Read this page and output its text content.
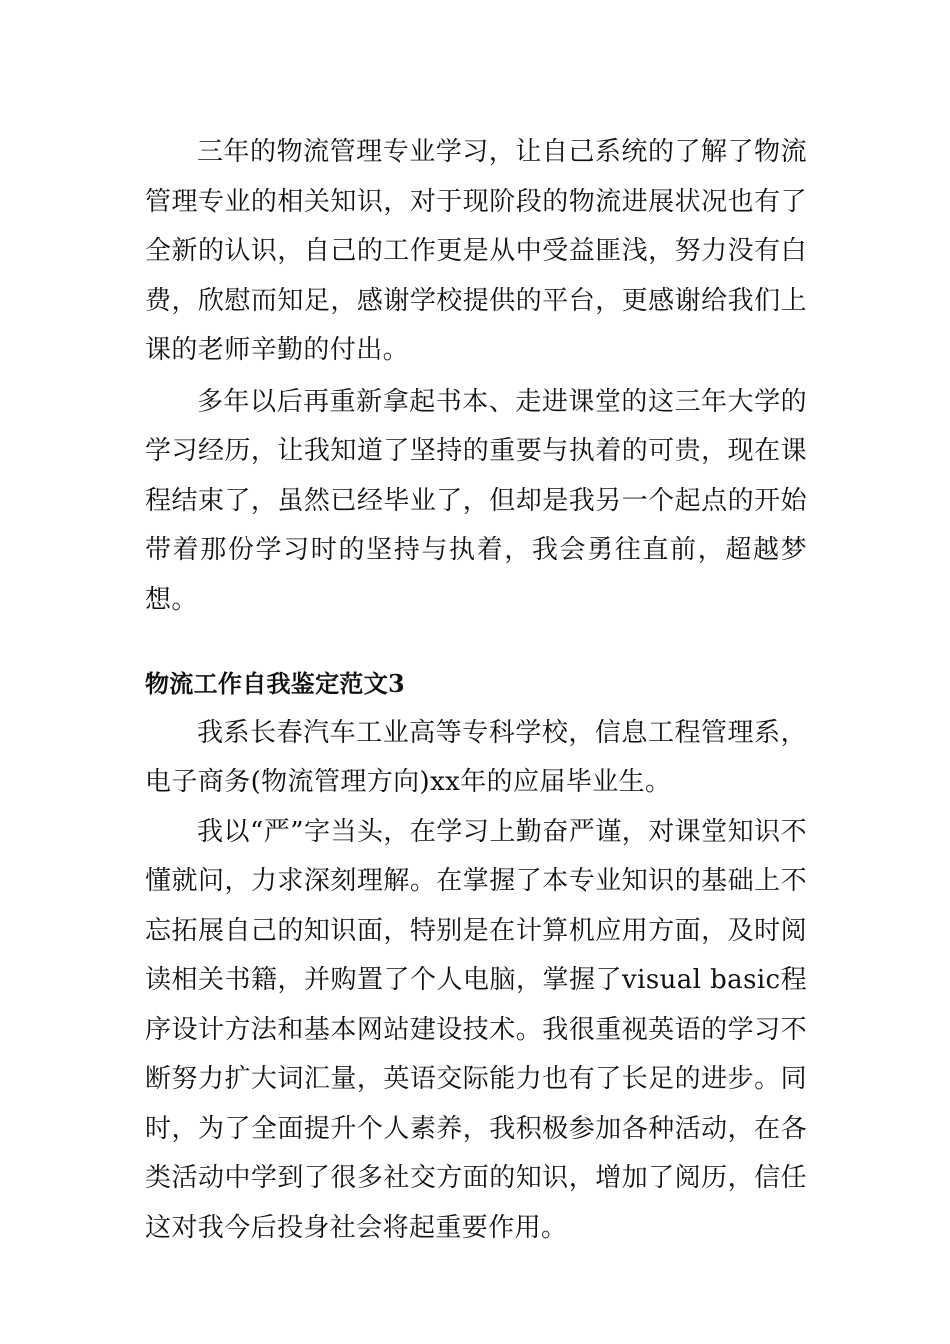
三年的物流管理专业学习，让自己系统的了解了物流管理专业的相关知识，对于现阶段的物流进展状况也有了全新的认识，自己的工作更是从中受益匪浅，努力没有白费，欣慰而知足，感谢学校提供的平台，更感谢给我们上课的老师辛勤的付出。

多年以后再重新拿起书本、走进课堂的这三年大学的学习经历，让我知道了坚持的重要与执着的可贵，现在课程结束了，虽然已经毕业了，但却是我另一个起点的开始带着那份学习时的坚持与执着，我会勇往直前，超越梦想。

物流工作自我鉴定范文3

我系长春汽车工业高等专科学校，信息工程管理系，电子商务(物流管理方向)xx年的应届毕业生。

我以“严”字当头，在学习上勤奋严谨，对课堂知识不懂就问，力求深刻理解。在掌握了本专业知识的基础上不忘拓展自己的知识面，特别是在计算机应用方面，及时阅读相关书籍，并购置了个人电脑，掌握了visual basic程序设计方法和基本网站建设技术。我很重视英语的学习不断努力扩大词汇量，英语交际能力也有了长足的进步。同时，为了全面提升个人素养，我积极参加各种活动，在各类活动中学到了很多社交方面的知识，增加了阅历，信任这对我今后投身社会将起重要作用。
